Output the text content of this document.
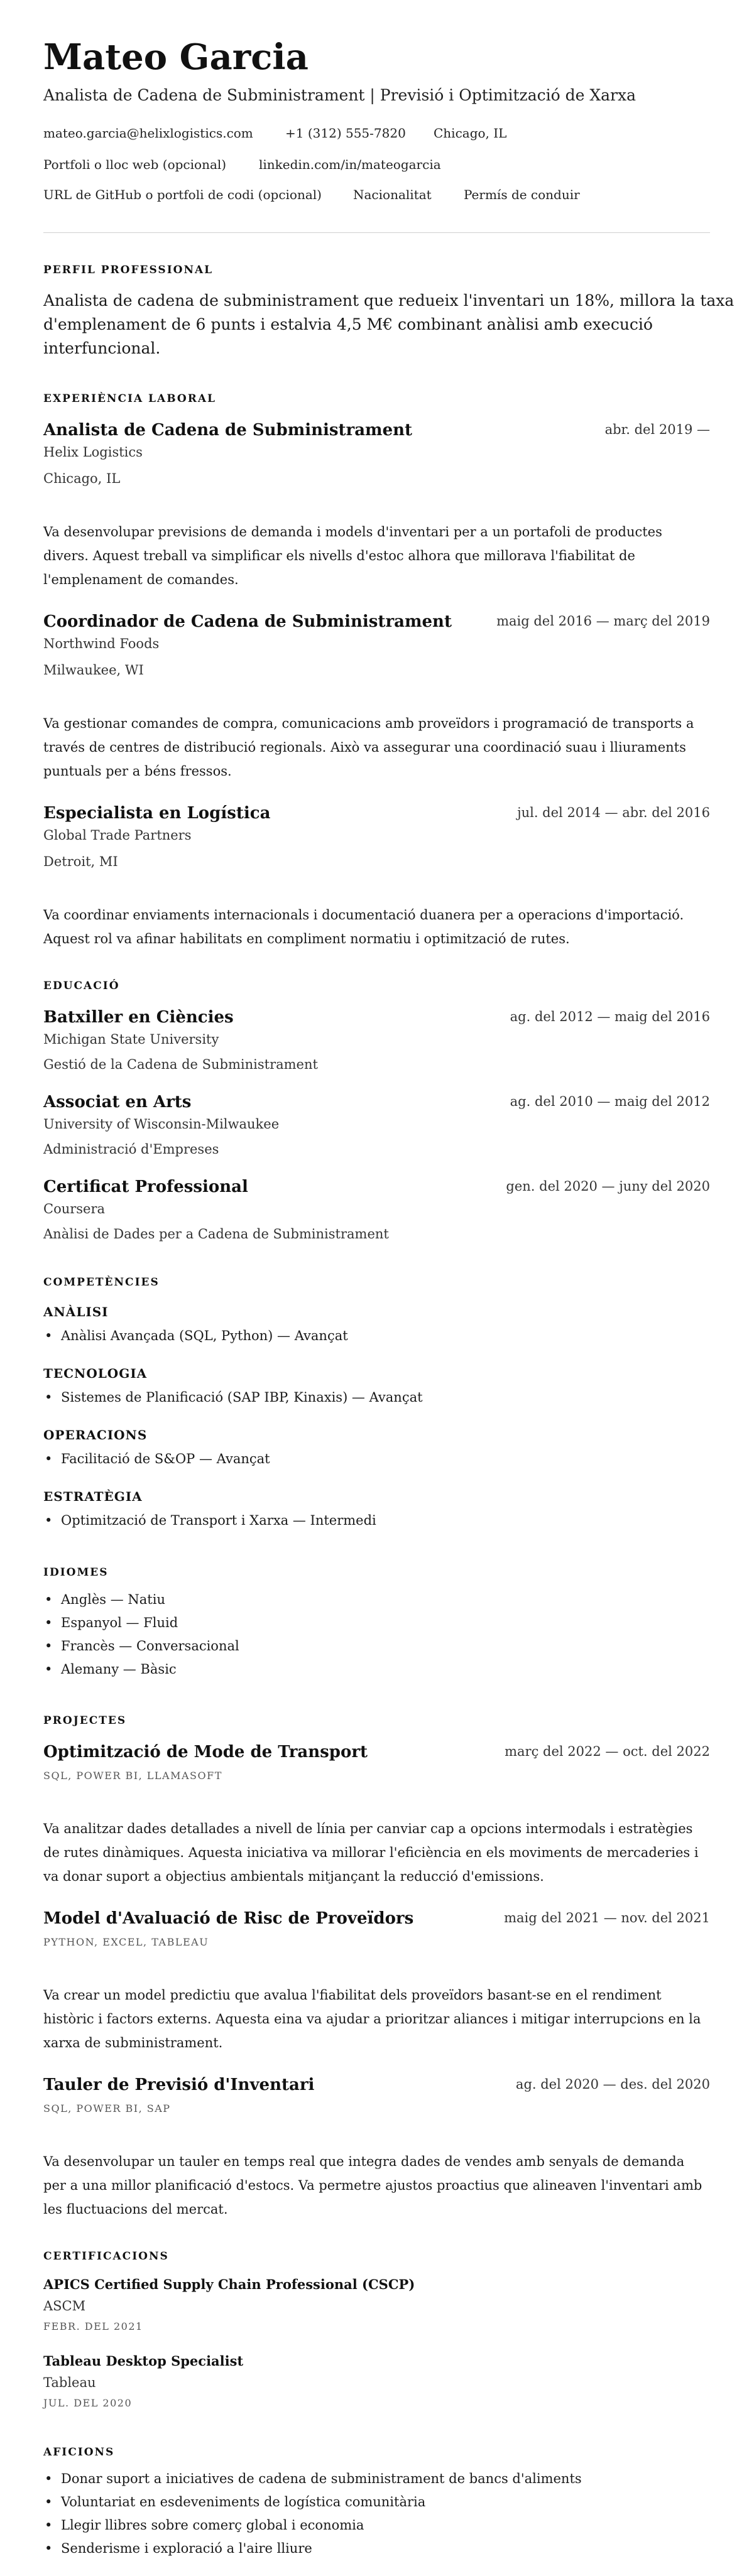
Mateo Garcia
Analista de Cadena de Subministrament | Previsió i Optimització de Xarxa
mateo.garcia@helixlogistics.com	+1 (312) 555-7820 Chicago, IL
Portfoli o lloc web (opcional)	linkedin.com/in/mateogarcia
URL de GitHub o portfoli de codi (opcional)	Nacionalitat	Permís de conduir
PERFIL PROFESSIONAL
Analista de cadena de subministrament que redueix l'inventari un 18%, millora la taxa
d'emplenament de 6 punts i estalvia 4,5 M€ combinant anàlisi amb execució
interfuncional.
EXPERIÈNCIA LABORAL
Analista de Cadena de Subministrament	abr. del 2019 —
Helix Logistics
Chicago, IL
Va desenvolupar previsions de demanda i models d'inventari per a un portafoli de productes
divers. Aquest treball va simplificar els nivells d'estoc alhora que millorava l'fiabilitat de
l'emplenament de comandes.
Coordinador de Cadena de Subministrament	maig del 2016 — març del 2019
Northwind Foods
Milwaukee, WI
Va gestionar comandes de compra, comunicacions amb proveïdors i programació de transports a
través de centres de distribució regionals. Això va assegurar una coordinació suau i lliuraments
puntuals per a béns fressos.
Especialista en Logística	jul. del 2014 — abr. del 2016
Global Trade Partners
Detroit, MI
Va coordinar enviaments internacionals i documentació duanera per a operacions d'importació.
Aquest rol va afinar habilitats en compliment normatiu i optimització de rutes.
EDUCACIÓ
Batxiller en Ciències	ag. del 2012 — maig del 2016
Michigan State University
Gestió de la Cadena de Subministrament
Associat en Arts	ag. del 2010 — maig del 2012
University of Wisconsin-Milwaukee
Administració d'Empreses
Certificat Professional	gen. del 2020 — juny del 2020
Coursera
Anàlisi de Dades per a Cadena de Subministrament
COMPETÈNCIES
ANÀLISI
• Anàlisi Avançada (SQL, Python) — Avançat
TECNOLOGIA
• Sistemes de Planificació (SAP IBP, Kinaxis) — Avançat
OPERACIONS
• Facilitació de S&OP — Avançat
ESTRATÈGIA
• Optimització de Transport i Xarxa — Intermedi
IDIOMES
• Anglès — Natiu
• Espanyol — Fluid
• Francès — Conversacional
• Alemany — Bàsic
PROJECTES
Optimització de Mode de Transport	març del 2022 — oct. del 2022
SQL, POWER BI, LLAMASOFT
Va analitzar dades detallades a nivell de línia per canviar cap a opcions intermodals i estratègies
de rutes dinàmiques. Aquesta iniciativa va millorar l'eficiència en els moviments de mercaderies i
va donar suport a objectius ambientals mitjançant la reducció d'emissions.
Model d'Avaluació de Risc de Proveïdors	maig del 2021 — nov. del 2021
PYTHON, EXCEL, TABLEAU
Va crear un model predictiu que avalua l'fiabilitat dels proveïdors basant-se en el rendiment
històric i factors externs. Aquesta eina va ajudar a prioritzar aliances i mitigar interrupcions en la
xarxa de subministrament.
Tauler de Previsió d'Inventari	ag. del 2020 — des. del 2020
SQL, POWER BI, SAP
Va desenvolupar un tauler en temps real que integra dades de vendes amb senyals de demanda
per a una millor planificació d'estocs. Va permetre ajustos proactius que alineaven l'inventari amb
les fluctuacions del mercat.
CERTIFICACIONS
APICS Certified Supply Chain Professional (CSCP)
ASCM
FEBR. DEL 2021
Tableau Desktop Specialist
Tableau
JUL. DEL 2020
AFICIONS
• Donar suport a iniciatives de cadena de subministrament de bancs d'aliments
• Voluntariat en esdeveniments de logística comunitària
• Llegir llibres sobre comerç global i economia
• Senderisme i exploració a l'aire lliure
